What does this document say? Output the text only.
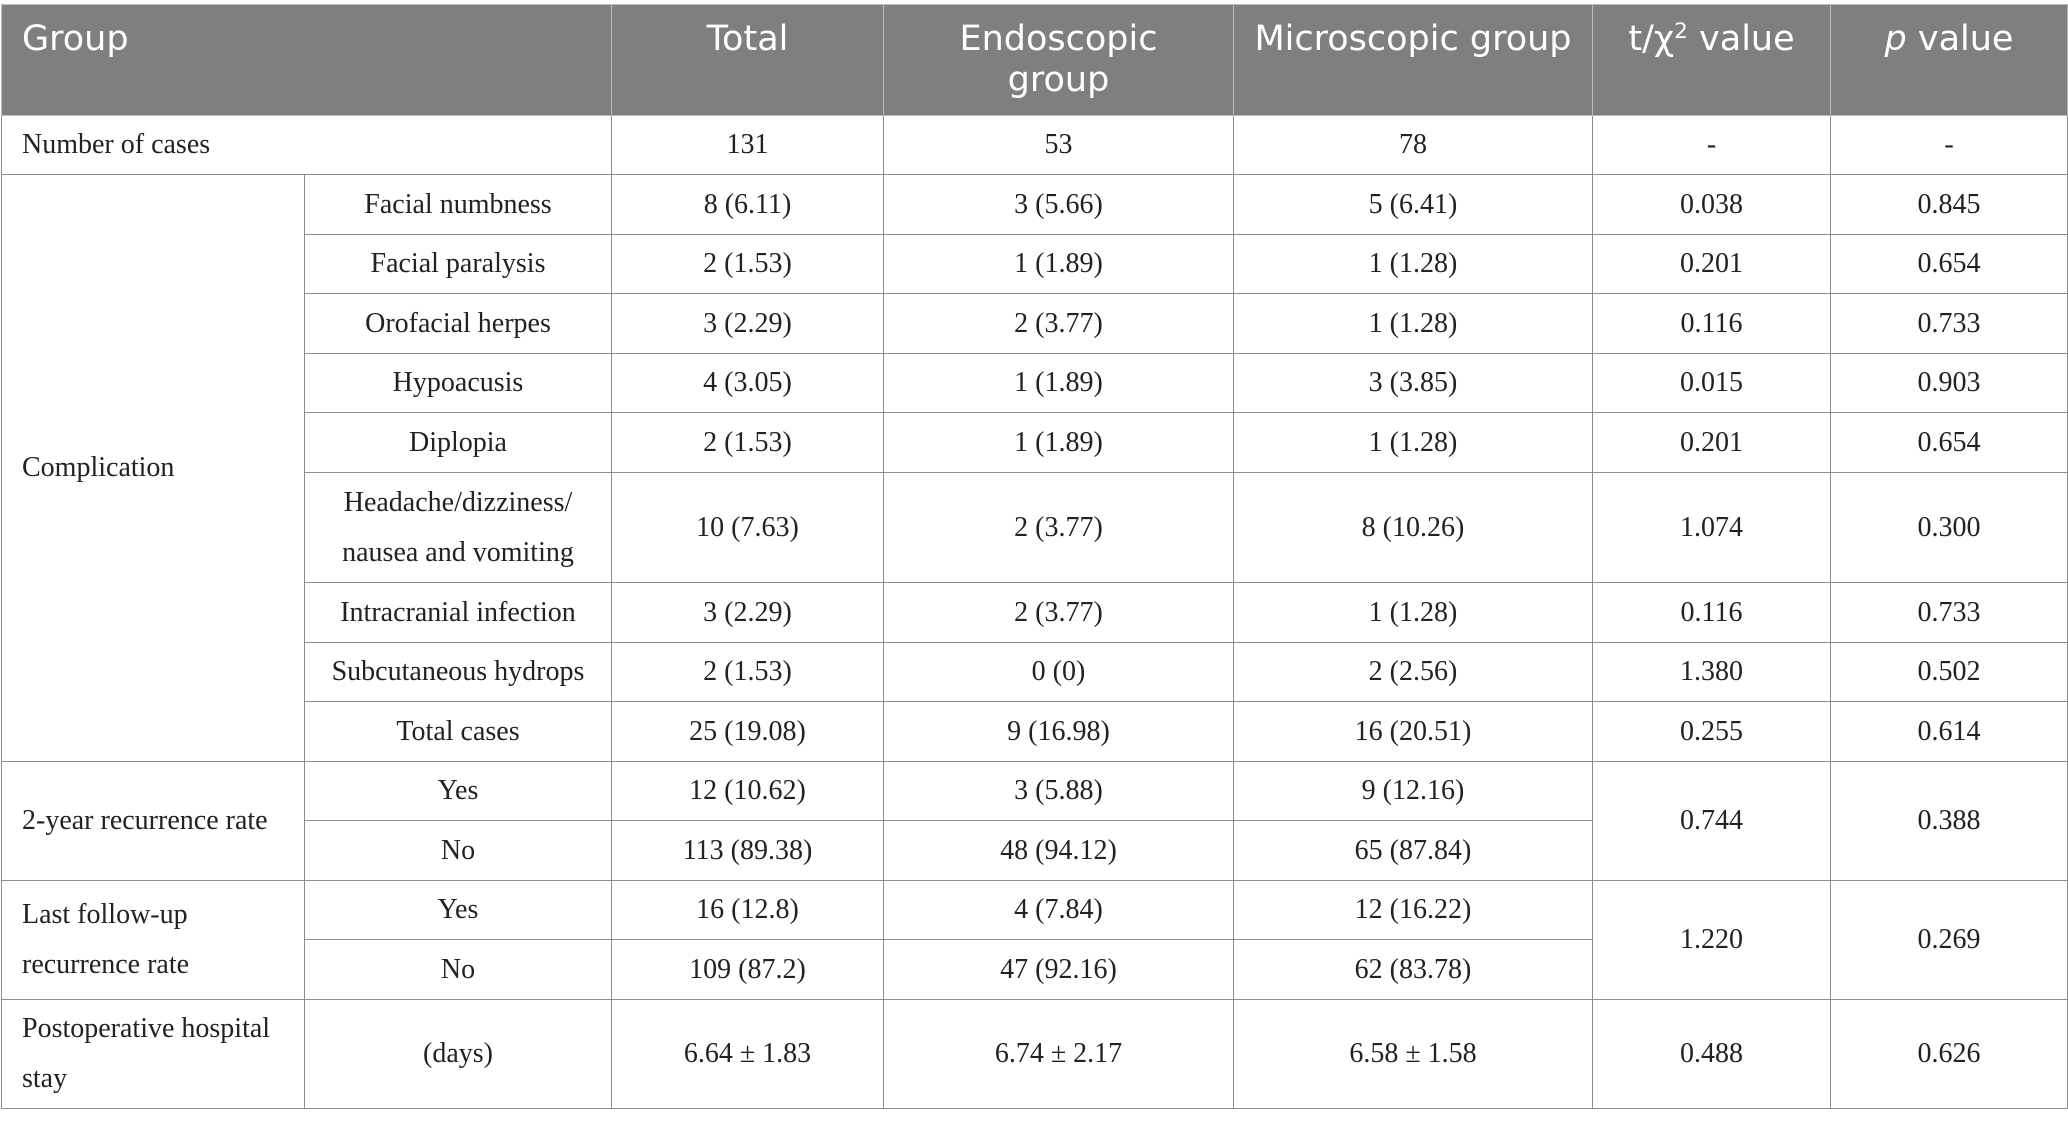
Group		Total	Endoscopic group	Microscopic group	$t/\chi^2$ value	p value
Number of cases		131	53	78	-	-
Complication	Facial numbness	8 (6.11)	3 (5.66)	5 (6.41)	0.038	0.845
	Facial paralysis	2 (1.53)	1 (1.89)	1 (1.28)	0.201	0.654
	Orofacial herpes	3 (2.29)	2 (3.77)	1 (1.28)	0.116	0.733
	Hypoacusis	4 (3.05)	1 (1.89)	3 (3.85)	0.015	0.903
	Diplopia	2 (1.53)	1 (1.89)	1 (1.28)	0.201	0.654
	Headache/dizziness/ nausea and vomiting	10 (7.63)	2 (3.77)	8 (10.26)	1.074	0.300
	Intracranial infection	3 (2.29)	2 (3.77)	1 (1.28)	0.116	0.733
	Subcutaneous hydrops	2 (1.53)	0 (0)	2 (2.56)	1.380	0.502
	Total cases	25 (19.08)	9 (16.98)	16 (20.51)	0.255	0.614
2-year recurrence rate	Yes	12 (10.62)	3 (5.88)	9 (12.16)	0.744	0.388
	No	113 (89.38)	48 (94.12)	65 (87.84)		
Last follow-up recurrence rate	Yes	16 (12.8)	4 (7.84)	12 (16.22)	1.220	0.269
	No	109 (87.2)	47 (92.16)	62 (83.78)		
Postoperative hospital stay	(days)	6.64 ± 1.83	6.74 ± 2.17	6.58 ± 1.58	0.488	0.626
